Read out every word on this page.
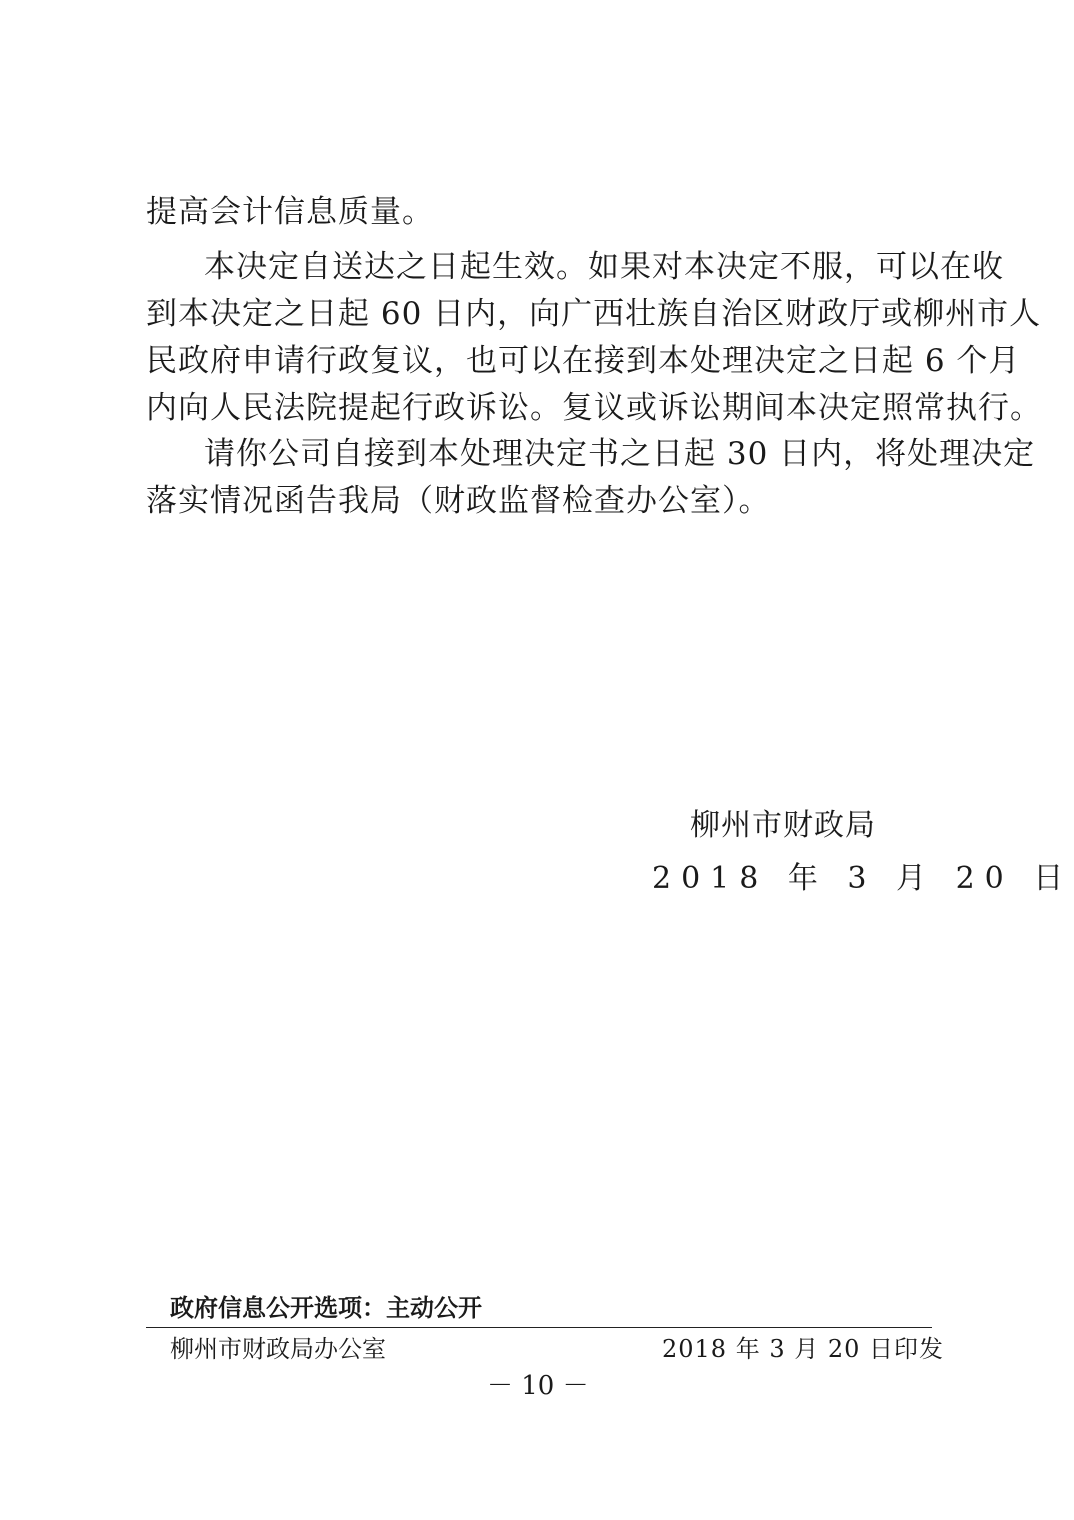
提高会计信息质量。
本决定自送达之日起生效。如果对本决定不服，可以在收
到本决定之日起 60 日内，向广西壮族自治区财政厅或柳州市人
民政府申请行政复议，也可以在接到本处理决定之日起 6 个月
内向人民法院提起行政诉讼。复议或诉讼期间本决定照常执行。
请你公司自接到本处理决定书之日起 30 日内，将处理决定
落实情况函告我局（财政监督检查办公室）。
柳州市财政局
2018 年 3 月 20 日
政府信息公开选项：主动公开
柳州市财政局办公室	2018 年 3 月 20 日印发
－ 10 －
